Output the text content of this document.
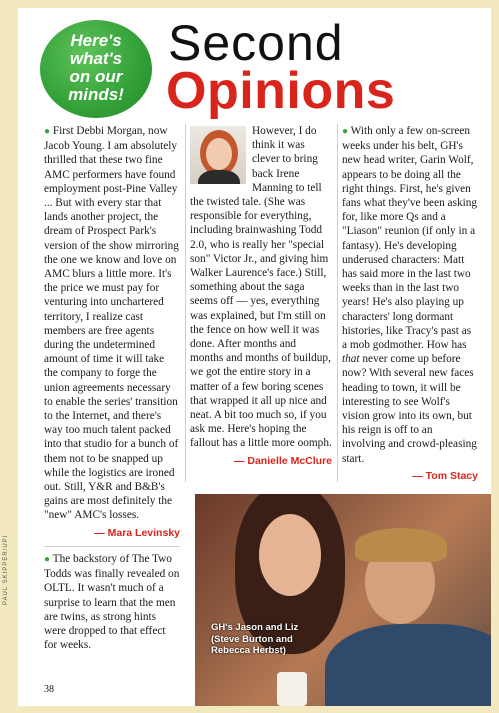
Here's
what's
on our
minds!
Second
Opinions

● First Debbi Morgan, now Jacob Young. I am absolutely thrilled that these two fine AMC performers have found employment post-Pine Valley ... But with every star that lands another project, the dream of Prospect Park's version of the show mirroring the one we know and love on AMC blurs a little more. It's the price we must pay for venturing into unchartered territory, I realize cast members are free agents during the undetermined amount of time it will take the company to forge the union agreements necessary to enable the series' transition to the Internet, and there's way too much talent packed into that studio for a bunch of them not to be snapped up while the logistics are ironed out. Still, Y&R and B&B's gains are most definitely the "new" AMC's losses.

— Mara Levinsky

● The backstory of The Two Todds was finally revealed on OLTL. It wasn't much of a surprise to learn that the men are twins, as strong hints were dropped to that effect for weeks.

However, I do think it was clever to bring back Irene Manning to tell the twisted tale. (She was responsible for everything, including brainwashing Todd 2.0, who is really her "special son" Victor Jr., and giving him Walker Laurence's face.) Still, something about the saga seems off — yes, everything was explained, but I'm still on the fence on how well it was done. After months and months and months of buildup, we got the entire story in a matter of a few boring scenes that wrapped it all up nice and neat. A bit too much so, if you ask me. Here's hoping the fallout has a little more oomph.

— Danielle McClure

● With only a few on-screen weeks under his belt, GH's new head writer, Garin Wolf, appears to be doing all the right things. First, he's given fans what they've been asking for, like more Qs and a "Liason" reunion (if only in a fantasy). He's developing underused characters: Matt has said more in the last two weeks than in the last two years! He's also playing up characters' long dormant histories, like Tracy's past as a mob godmother. How has that never come up before now? With several new faces heading to town, it will be interesting to see Wolf's vision grow into its own, but his reign is off to an involving and crowd-pleasing start.

— Tom Stacy
GH's Jason and Liz (Steve Burton and Rebecca Herbst)
PAUL SKIPPER/UPI
38
